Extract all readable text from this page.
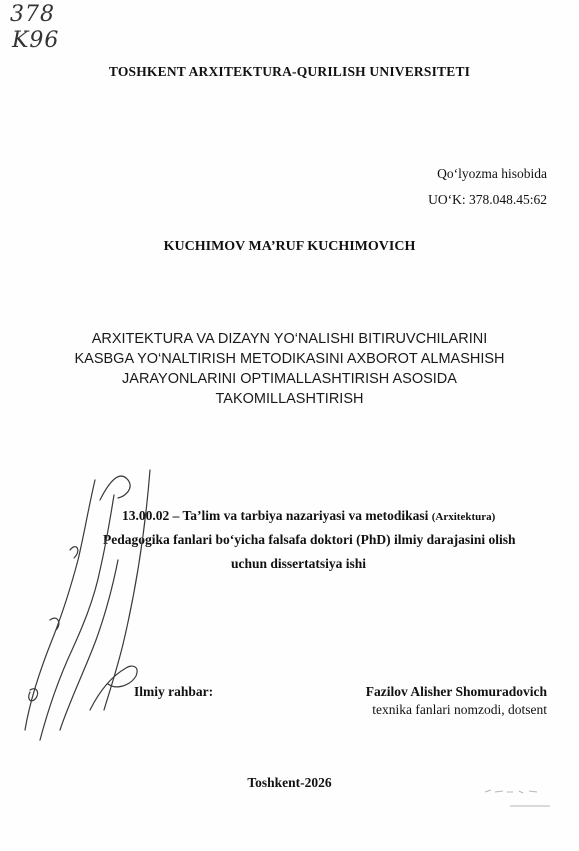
378
K96
TOSHKENT ARXITEKTURA-QURILISH UNIVERSITETI
Qo‘lyozma hisobida
UO‘K: 378.048.45:62
KUCHIMOV MA’RUF KUCHIMOVICH
ARXITEKTURA VA DIZAYN YO‘NALISHI BITIRUVCHILARINI
KASBGA YO‘NALTIRISH METODIKASINI AXBOROT ALMASHISH
JARAYONLARINI OPTIMALLASHTIRISH ASOSIDA
TAKOMILLASHTIRISH
13.00.02 – Ta’lim va tarbiya nazariyasi va metodikasi (Arxitektura)
Pedagogika fanlari bo‘yicha falsafa doktori (PhD) ilmiy darajasini olish
uchun dissertatsiya ishi
Ilmiy rahbar:	Fazilov Alisher Shomuradovich
texnika fanlari nomzodi, dotsent
Toshkent-2026
